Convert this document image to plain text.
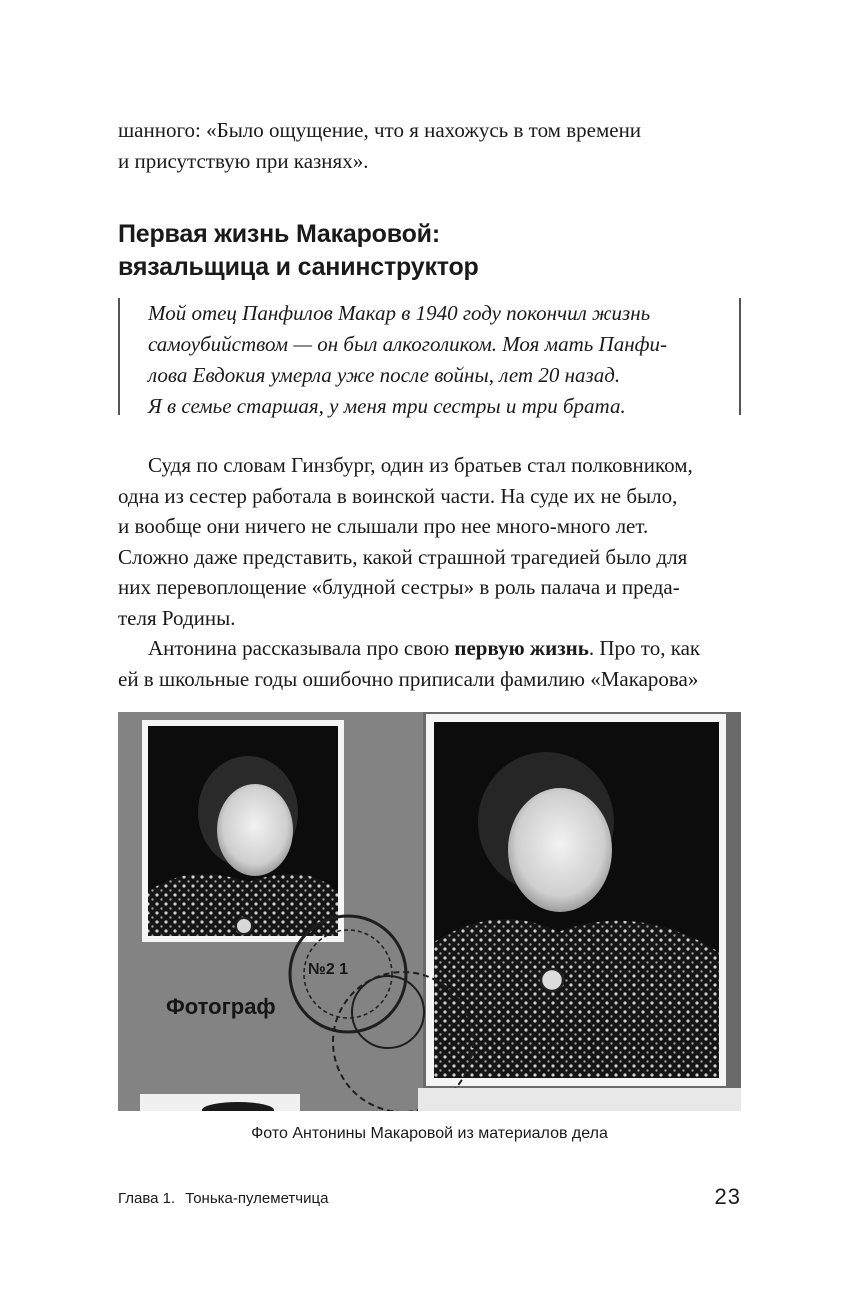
шанного: «Было ощущение, что я нахожусь в том времени

и присутствую при казнях».

Первая жизнь Макаровой:
вязальщица и санинструктор

Мой отец Панфилов Макар в 1940 году покончил жизнь

самоубийством — он был алкоголиком. Моя мать Панфи-

лова Евдокия умерла уже после войны, лет 20 назад.

Я в семье старшая, у меня три сестры и три брата.

Судя по словам Гинзбург, один из братьев стал полковником,

одна из сестер работала в воинской части. На суде их не было,

и вообще они ничего не слышали про нее много-много лет.

Сложно даже представить, какой страшной трагедией было для

них перевоплощение «блудной сестры» в роль палача и преда-

теля Родины.

Антонина рассказывала про свою первую жизнь. Про то, как

ей в школьные годы ошибочно приписали фамилию «Макарова»

Фотограф
№2 1

Фото Антонины Макаровой из материалов дела

Глава 1. Тонька-пулеметчица	23
